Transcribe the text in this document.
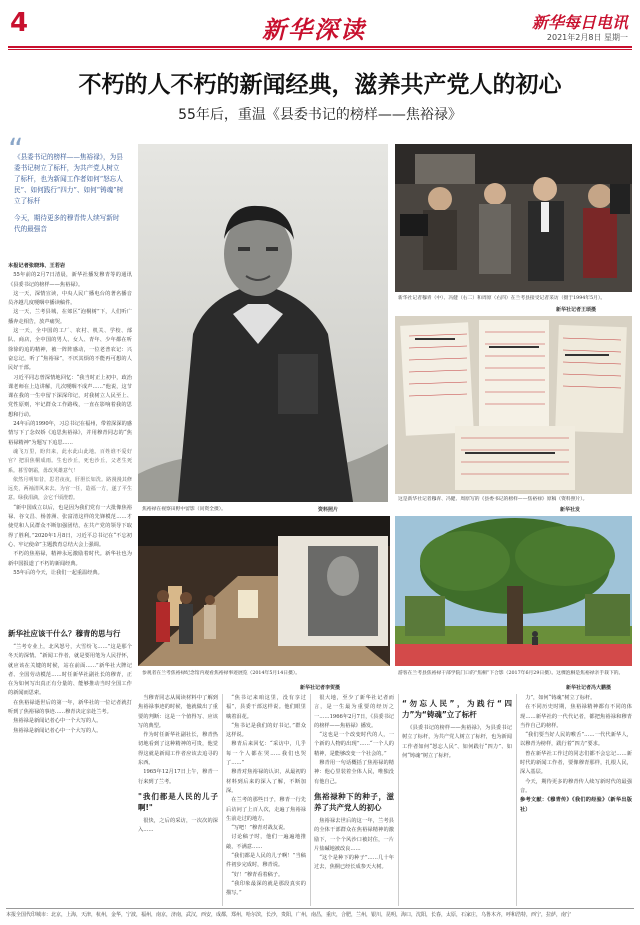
4	新华深读	新华每日电讯
2021年2月8日 星期一
不朽的人不朽的新闻经典，滋养共产党人的初心
55年后，重温《县委书记的榜样——焦裕禄》
“

《县委书记的榜样——焦裕禄》，为县委书记树立了标杆，为共产党人树立了标杆，也为新闻工作者如何“怒忘人民”、如何践行“四力”、如何“铸魂”树立了标杆

今天，期待更多的穆青传人续写新时代的最强音

本报记者张晓玮、王若岩

55年前的2月7日清晨，新华社播发穆青等的通讯《县委书记的榜样——焦裕禄》。

这一天，深情宣读，中央人民广播电台的著名播音员齐越几度哽咽中播读稿件。

这一天，兰考县城，在郊区“泡桐树”下，人们听广播奔走相告，放声痛哭。

这一天，全中国的工厂、农村、机关、学校、部队、商店，全中国的男人、女人、青年、少年都在听徐徐的追的精神，被一阵阵感动，一位老普农记：兴奋忘记，听了“焦裕禄”，不厌其烦的不能再可想的人民好干部。

习近平同志曾深情地回忆：“我当时正上初中，政治课老师在上边讲解，几次哽咽不成声……”他说，这节课在我的一生中留下深深印记，对我树立人民至上、党性原则，牢记群众工作路线，一直在影响着我的思想和行动。

24年后的1990年，习总书记在福州，带着深深的感情写下了念奴娇《追思焦裕禄》，并用穆青同志的“焦裕禄精神”为题写下追思……

魂飞万里，盼归来，此水此山此地。百姓谁不爱好官？把泪焦桐成雨。生也沙丘，死也沙丘，父老生死系。暮雪朝霜，毋改英雄意气！

依然月明如昔，思君夜夜，肝胆长如洗。路漫漫其修远矣，两袖清风来去。为官一任，造福一方，遂了平生意。绿我涓滴，会它千顷澄碧。

“新中国成立以后，也是因为我们党有一大批像焦裕禄、谷文昌、杨善洲、张富清这样的先锋模范……才使党和人民群众不断加强团结，在共产党的领导下取得了胜利。”2020年1月8日，习近平总书记在“不忘初心、牢记使命”主题教育总结大会上强调。

不朽的焦裕禄，精神永远激励着时代。新华社也为新中国报道了不朽的新闻经典。

55年后的今天，让我们一起重温经典。

新华社应该干什么？穆青的思与行

“兰考专业上，北风怒号，大雪纷飞……”这是那个冬天的深情。“新闻工作者，就是要用笔为人民抒怀，就应该在关键的时候，站在前面……”新华社大牌记者、全国劳动模范……时任新华社副社长的穆青，正在为如何写出真正有分量的、能够推动当时全国工作的新闻而思索。

在焦裕禄逝世后的第一年，新华社的一位记者就打听到了焦裕禄的事迹……穆青决定亲赴兰考。

焦裕禄是新闻记者心中一个大写的人。

焦裕禄是新闻记者心中一个大写的人。

焦裕禄在视察田野中留影（问资全摄）。	资料照片
新华社记者穆青（中）、冯健（右二）和周原（右四）在兰考县接受记者采访（摄于1994年5月）。
新华社记者王颂摄
这是新华社记者穆青、冯健、周原写的《县委书记的榜样——焦裕禄》原稿（资料照片）。
新华社发
参观者在兰考焦裕禄纪念馆内观看焦裕禄事迹展览（2014年5月14日摄）。
新华社记者李贺摄
游客在兰考县焦裕禄干部学院门口的“焦桐”下合影（2017年6月29日摄）。这棵泡桐是焦裕禄亲手栽下的。
新华社记者冯大鹏摄

当穆青同志从阅读材料中了解到焦裕禄事迹的时候，他就做出了重要的判断：这是一个值得写、应该写的典型。

作为时任新华社副社长，穆青热切地看到了这种精神的可贵，他觉得这就是新闻工作者应该去追寻的东西。

1965年12月17日上午，穆青一行来到了兰考。

"我们都是人民的儿子啊!"

很快，之后的采访，一次次的深入……

“焦书记来咱这里，没有享过福”，县委干部这样说。他们眼里噙着泪花。

“焦书记是我们的好书记。”群众这样说。

穆青后来回忆：“采访中，几乎每一个人都在哭……我们也哭了……”

穆青对焦裕禄的认识，从最初的材料到后来的深入了解，不断加深。

在兰考的那些日子，穆青一行先后访问了上百人次，走遍了焦裕禄生前走过的地方。

“写吧！”穆青对战友说。

讨论稿子时，他们一遍遍地推敲，不满意……

“我们都是人民的儿子啊！”当稿件初步完成时，穆青说。

“好！”穆青看着稿子。

“我印象最深的就是那段真实的描写。”

很大地，至少了新华社记者而言，是一生最为重要的经历之一……1966年2月7日，《县委书记的榜样——焦裕禄》播发。

“这也是一个改变时代的人，一个新的人物的出现”……“一个人的精神，是能够改变一个社会的。”

穆青用一句话概括了焦裕禄的精神：他心里装着全体人民，唯独没有他自己。

焦裕禄种下的种子，滋养了共产党人的初心

焦裕禄去世后的这一年，兰考县的全体干部群众在焦裕禄精神的激励下，一个个风沙口被封住，一片片盐碱地被改良……

“这个是种下的种子”……几十年过去，焦桐已经长成参天大树。

“勿忘人民”，为践行“四力”为“铸魂”立了标杆

《县委书记的榜样——焦裕禄》，为县委书记树立了标杆，为共产党人树立了标杆，也为新闻工作者如何“怒忘人民”、如何践行“四力”、如何“铸魂”树立了标杆。

力”，如何“铸魂”树立了标杆。

在不同历史时期，焦裕禄精神都有不同的体现……新华社的一代代记者，都把焦裕禄和穆青当作自己的榜样。

“我们要当好人民的喉舌”……一代代新华人，以穆青为榜样，践行着“四力”要求。

曾在新华社工作过的同志们都不会忘记……新时代的新闻工作者，要像穆青那样，扎根人民，深入基层。

今天，期待更多的穆青传人续写新时代的最强音。

参考文献：《穆青传》《我们的经验》（新华出版社）

本报全国代印城市：北京，上海，天津，杭州，金华，宁波，福州，南京，济南，武汉，西安，成都，郑州，哈尔滨，长沙，贵阳，广州，南昌，重庆，合肥，兰州，银川，昆明，海口，沈阳，长春，太原，石家庄，乌鲁木齐，呼和浩特，西宁，拉萨，南宁
